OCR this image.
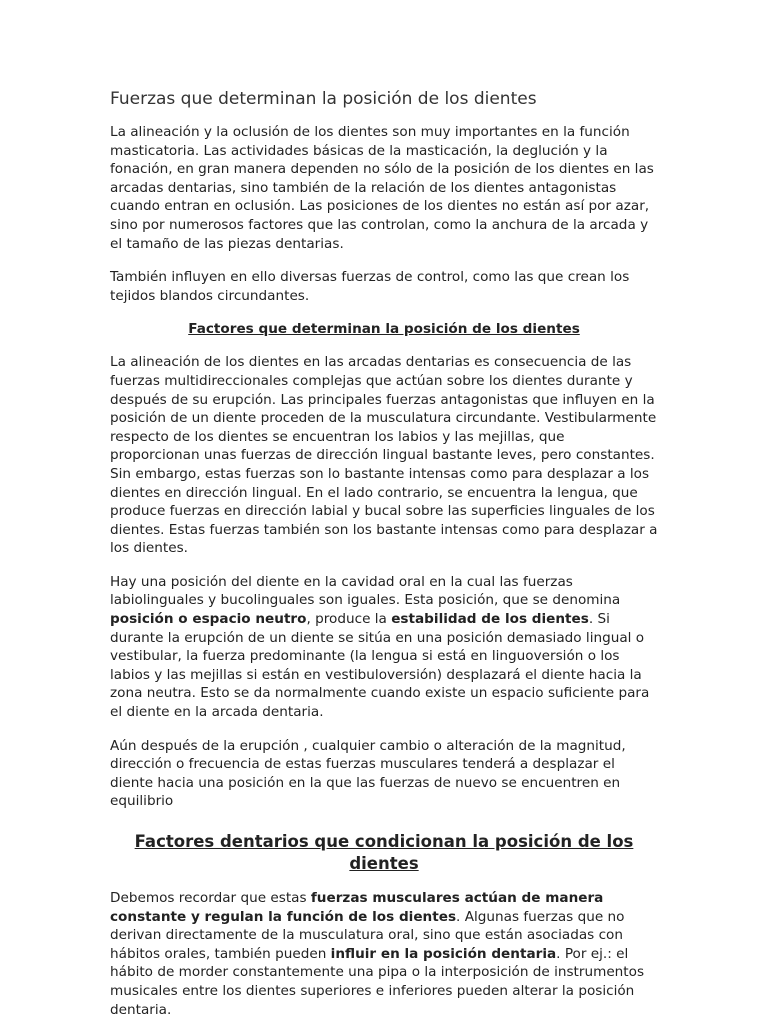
Fuerzas que determinan la posición de los dientes

La alineación y la oclusión de los dientes son muy importantes en la función masticatoria. Las actividades básicas de la masticación, la deglución y la fonación, en gran manera dependen no sólo de la posición de los dientes en las arcadas dentarias, sino también de la relación de los dientes antagonistas cuando entran en oclusión. Las posiciones de los dientes no están así por azar, sino por numerosos factores que las controlan, como la anchura de la arcada y el tamaño de las piezas dentarias.

También influyen en ello diversas fuerzas de control, como las que crean los tejidos blandos circundantes.

Factores que determinan la posición de los dientes

La alineación de los dientes en las arcadas dentarias es consecuencia de las fuerzas multidireccionales complejas que actúan sobre los dientes durante y después de su erupción. Las principales fuerzas antagonistas que influyen en la posición de un diente proceden de la musculatura circundante. Vestibularmente respecto de los dientes se encuentran los labios y las mejillas, que proporcionan unas fuerzas de dirección lingual bastante leves, pero constantes. Sin embargo, estas fuerzas son lo bastante intensas como para desplazar a los dientes en dirección lingual. En el lado contrario, se encuentra la lengua, que produce fuerzas en dirección labial y bucal sobre las superficies linguales de los dientes. Estas fuerzas también son los bastante intensas como para desplazar a los dientes.

Hay una posición del diente en la cavidad oral en la cual las fuerzas labiolinguales y bucolinguales son iguales. Esta posición, que se denomina posición o espacio neutro, produce la estabilidad de los dientes. Si durante la erupción de un diente se sitúa en una posición demasiado lingual o vestibular, la fuerza predominante (la lengua si está en linguoversión o los labios y las mejillas si están en vestibuloversión) desplazará el diente hacia la zona neutra. Esto se da normalmente cuando existe un espacio suficiente para el diente en la arcada dentaria.

Aún después de la erupción , cualquier cambio o alteración de la magnitud, dirección o frecuencia de estas fuerzas musculares tenderá a desplazar el diente hacia una posición en la que las fuerzas de nuevo se encuentren en equilibrio

Factores dentarios que condicionan la posición de los dientes

Debemos recordar que estas fuerzas musculares actúan de manera constante y regulan la función de los dientes. Algunas fuerzas que no derivan directamente de la musculatura oral, sino que están asociadas con hábitos orales, también pueden influir en la posición dentaria. Por ej.: el hábito de morder constantemente una pipa o la interposición de instrumentos musicales entre los dientes superiores e inferiores pueden alterar la posición dentaria.
